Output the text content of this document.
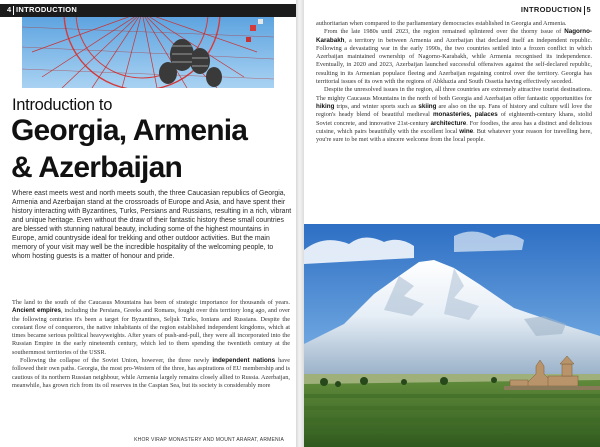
4 INTRODUCTION
Introduction to
Georgia, Armenia
& Azerbaijan
Where east meets west and north meets south, the three Caucasian republics of Georgia, Armenia and Azerbaijan stand at the crossroads of Europe and Asia, and have spent their history interacting with Byzantines, Turks, Persians and Russians, resulting in a rich, vibrant and unique heritage. Even without the draw of their fantastic history these small countries are blessed with stunning natural beauty, including some of the highest mountains in Europe, amid countryside ideal for trekking and other outdoor activities. But the main memory of your visit may well be the incredible hospitality of the welcoming people, to whom hosting guests is a matter of honour and pride.

The land to the south of the Caucasus Mountains has been of strategic importance for thousands of years. Ancient empires, including the Persians, Greeks and Romans, fought over this territory long ago, and over the following centuries it's been a target for Byzantines, Seljuk Turks, Ionians and Russians. Despite the constant flow of conquerors, the native inhabitants of the region established independent kingdoms, which at times became serious political heavyweights. After years of push-and-pull, they were all incorporated into the Russian Empire in the early nineteenth century, which led to them spending the twentieth century at the southernmost territories of the USSR.

Following the collapse of the Soviet Union, however, the three newly independent nations have followed their own paths. Georgia, the most pro-Western of the three, has aspirations of EU membership and is cautious of its northern Russian neighbour, while Armenia largely remains closely allied to Russia. Azerbaijan, meanwhile, has grown rich from its oil reserves in the Caspian Sea, but its society is considerably more

KHOR VIRAP MONASTERY AND MOUNT ARARAT, ARMENIA
INTRODUCTION 5

authoritarian when compared to the parliamentary democracies established in Georgia and Armenia.

From the late 1980s until 2023, the region remained splintered over the thorny issue of Nagorno-Karabakh, a territory in between Armenia and Azerbaijan that declared itself an independent republic. Following a devastating war in the early 1990s, the two countries settled into a frozen conflict in which Azerbaijan maintained ownership of Nagorno-Karabakh, while Armenia recognised its independence. Eventually, in 2020 and 2023, Azerbaijan launched successful offensives against the self-declared republic, resulting in its Armenian populace fleeing and Azerbaijan regaining control over the territory. Georgia has territorial issues of its own with the regions of Abkhazia and South Ossetia having effectively seceded.

Despite the unresolved issues in the region, all three countries are extremely attractive tourist destinations. The mighty Caucasus Mountains in the north of both Georgia and Azerbaijan offer fantastic opportunities for hiking trips, and winter sports such as skiing are also on the up. Fans of history and culture will love the region's heady blend of beautiful medieval monasteries, palaces of eighteenth-century khans, stolid Soviet concrete, and innovative 21st-century architecture. For foodies, the area has a distinct and delicious cuisine, which pairs beautifully with the excellent local wine. But whatever your reason for travelling here, you're sure to be met with a sincere welcome from the local people.
